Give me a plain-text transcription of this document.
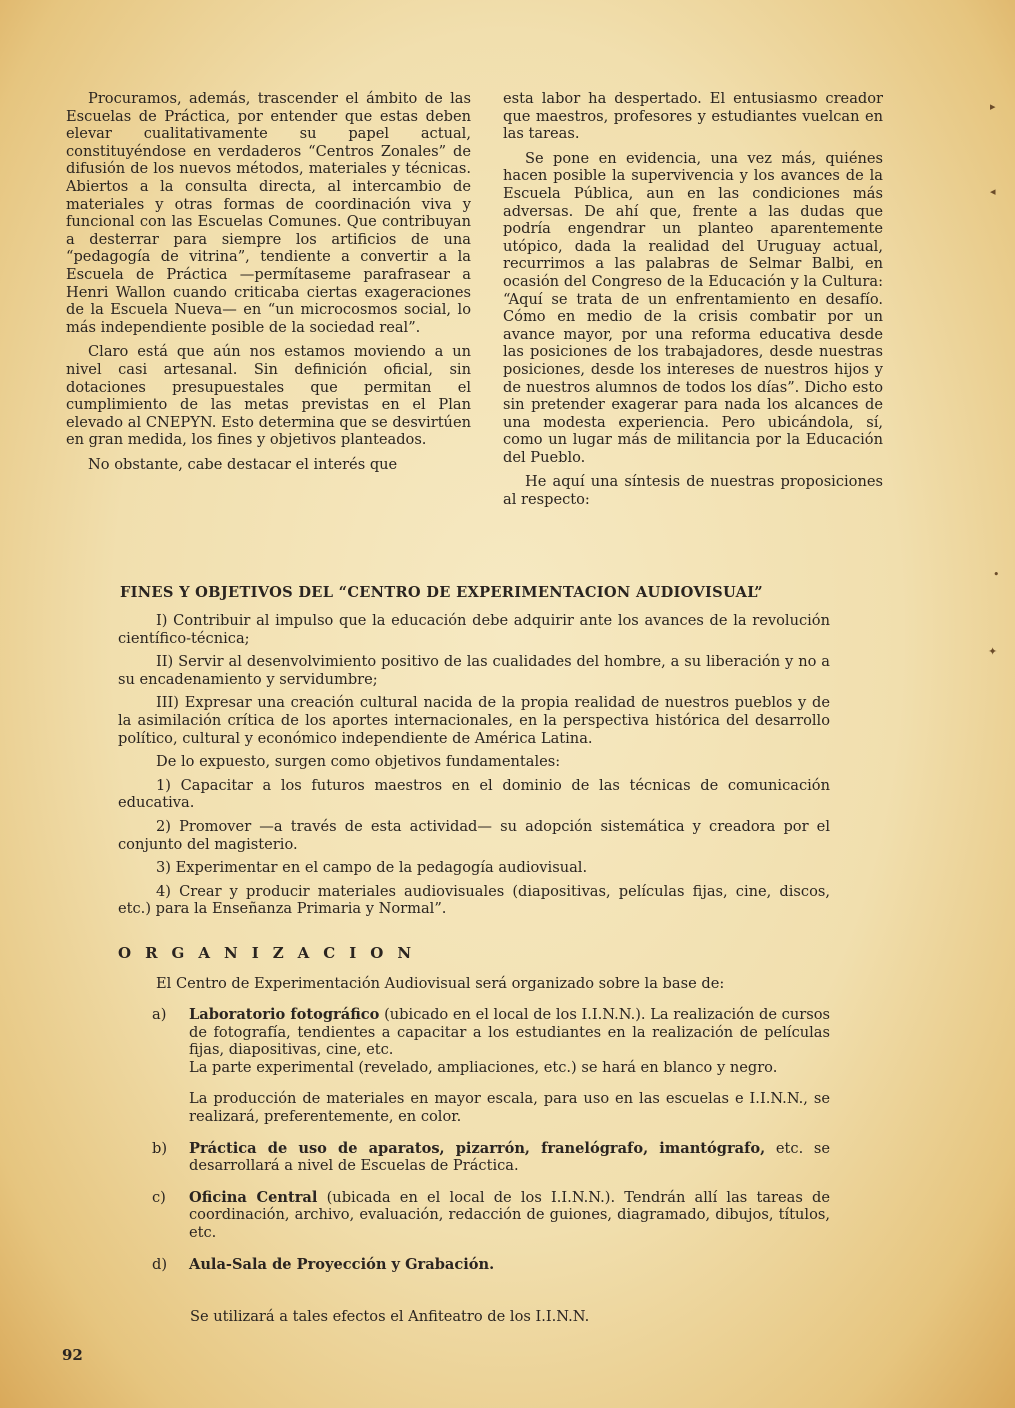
Procuramos, además, trascender el ámbito de las Escuelas de Práctica, por entender que estas deben elevar cualitativamente su papel actual, constituyéndose en verdaderos “Centros Zonales” de difusión de los nuevos métodos, materiales y técnicas. Abiertos a la consulta directa, al intercambio de materiales y otras formas de coordinación viva y funcional con las Escuelas Comunes. Que contribuyan a desterrar para siempre los artificios de una “pedagogía de vitrina”, tendiente a convertir a la Escuela de Práctica —permítaseme parafrasear a Henri Wallon cuando criticaba ciertas exageraciones de la Escuela Nueva— en “un microcosmos social, lo más independiente posible de la sociedad real”.

Claro está que aún nos estamos moviendo a un nivel casi artesanal. Sin definición oficial, sin dotaciones presupuestales que permitan el cumplimiento de las metas previstas en el Plan elevado al CNEPYN. Esto determina que se desvirtúen en gran medida, los fines y objetivos planteados.

No obstante, cabe destacar el interés que

esta labor ha despertado. El entusiasmo creador que maestros, profesores y estudiantes vuelcan en las tareas.

Se pone en evidencia, una vez más, quiénes hacen posible la supervivencia y los avances de la Escuela Pública, aun en las condiciones más adversas. De ahí que, frente a las dudas que podría engendrar un planteo aparentemente utópico, dada la realidad del Uruguay actual, recurrimos a las palabras de Selmar Balbi, en ocasión del Congreso de la Educación y la Cultura: “Aquí se trata de un enfrentamiento en desafío. Cómo en medio de la crisis combatir por un avance mayor, por una reforma educativa desde las posiciones de los trabajadores, desde nuestras posiciones, desde los intereses de nuestros hijos y de nuestros alumnos de todos los días”. Dicho esto sin pretender exagerar para nada los alcances de una modesta experiencia. Pero ubicándola, sí, como un lugar más de militancia por la Educación del Pueblo.

He aquí una síntesis de nuestras proposiciones al respecto:

FINES Y OBJETIVOS DEL “CENTRO DE EXPERIMENTACION AUDIOVISUAL”

I) Contribuir al impulso que la educación debe adquirir ante los avances de la revolución científico-técnica;

II) Servir al desenvolvimiento positivo de las cualidades del hombre, a su liberación y no a su encadenamiento y servidumbre;

III) Expresar una creación cultural nacida de la propia realidad de nuestros pueblos y de la asimilación crítica de los aportes internacionales, en la perspectiva histórica del desarrollo político, cultural y económico independiente de América Latina.

De lo expuesto, surgen como objetivos fundamentales:

1) Capacitar a los futuros maestros en el dominio de las técnicas de comunicación educativa.

2) Promover —a través de esta actividad— su adopción sistemática y creadora por el conjunto del magisterio.

3) Experimentar en el campo de la pedagogía audiovisual.

4) Crear y producir materiales audiovisuales (diapositivas, películas fijas, cine, discos, etc.) para la Enseñanza Primaria y Normal”.

ORGANIZACION
El Centro de Experimentación Audiovisual será organizado sobre la base de:
a)	Laboratorio fotográfico (ubicado en el local de los I.I.N.N.). La realización de cursos de fotografía, tendientes a capacitar a los estudiantes en la realización de películas fijas, diapositivas, cine, etc.

La parte experimental (revelado, ampliaciones, etc.) se hará en blanco y negro.

La producción de materiales en mayor escala, para uso en las escuelas e I.I.N.N., se realizará, preferentemente, en color.

b)	Práctica de uso de aparatos, pizarrón, franelógrafo, imantógrafo, etc. se desarrollará a nivel de Escuelas de Práctica.

c)	Oficina Central (ubicada en el local de los I.I.N.N.). Tendrán allí las tareas de coordinación, archivo, evaluación, redacción de guiones, diagramado, dibujos, títulos, etc.

d)	Aula-Sala de Proyección y Grabación.

Se utilizará a tales efectos el Anfiteatro de los I.I.N.N.
92
▸
◂
•
✦
